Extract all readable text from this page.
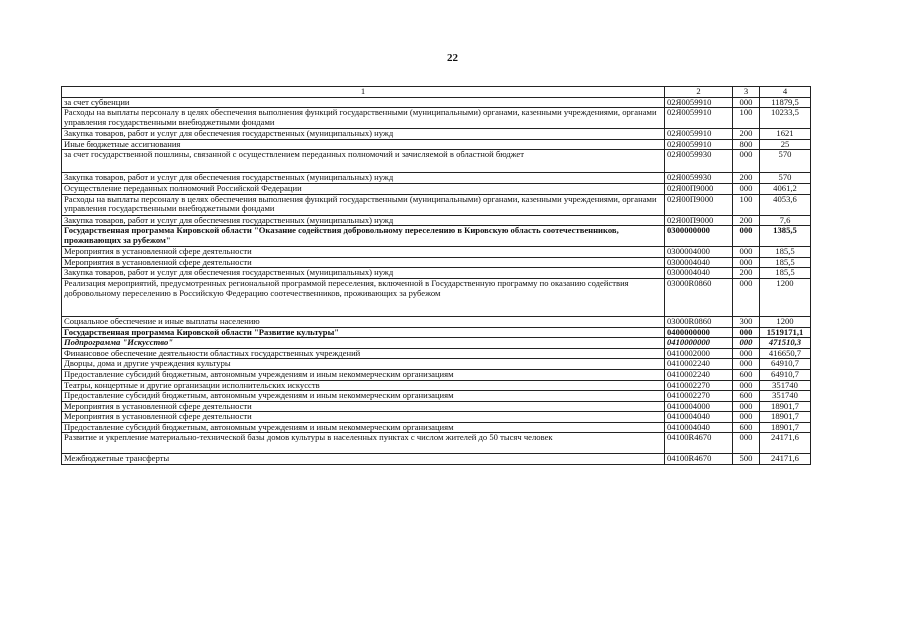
22
1	2	3	4
за счет субвенции	02Я0059910	000	11879,5
Расходы на выплаты персоналу в целях обеспечения выполнения функций государственными (муниципальными) органами, казенными учреждениями, органами управления государственными внебюджетными фондами	02Я0059910	100	10233,5
Закупка товаров, работ и услуг для обеспечения государственных (муниципальных) нужд	02Я0059910	200	1621
Иные бюджетные ассигнования	02Я0059910	800	25
за счет государственной пошлины, связанной с осуществлением переданных полномочий и зачисляемой в областной бюджет	02Я0059930	000	570
Закупка товаров, работ и услуг для обеспечения государственных (муниципальных) нужд	02Я0059930	200	570
Осуществление переданных полномочий Российской Федерации	02Я00П9000	000	4061,2
Расходы на выплаты персоналу в целях обеспечения выполнения функций государственными (муниципальными) органами, казенными учреждениями, органами управления государственными внебюджетными фондами	02Я00П9000	100	4053,6
Закупка товаров, работ и услуг для обеспечения государственных (муниципальных) нужд	02Я00П9000	200	7,6
Государственная программа Кировской области "Оказание содействия добровольному переселению в Кировскую область соотечественников, проживающих за рубежом"	0300000000	000	1385,5
Мероприятия в установленной сфере деятельности	0300004000	000	185,5
Мероприятия в установленной сфере деятельности	0300004040	000	185,5
Закупка товаров, работ и услуг для обеспечения государственных (муниципальных) нужд	0300004040	200	185,5
Реализация мероприятий, предусмотренных региональной программой переселения, включенной в Государственную программу по оказанию содействия добровольному переселению в Российскую Федерацию соотечественников, проживающих за рубежом	03000R0860	000	1200
Социальное обеспечение и иные выплаты населению	03000R0860	300	1200
Государственная программа Кировской области "Развитие культуры"	0400000000	000	1519171,1
Подпрограмма "Искусство"	0410000000	000	471510,3
Финансовое обеспечение деятельности областных государственных учреждений	0410002000	000	416650,7
Дворцы, дома и другие учреждения культуры	0410002240	000	64910,7
Предоставление субсидий бюджетным, автономным учреждениям и иным некоммерческим организациям	0410002240	600	64910,7
Театры, концертные и другие организации исполнительских искусств	0410002270	000	351740
Предоставление субсидий бюджетным, автономным учреждениям и иным некоммерческим организациям	0410002270	600	351740
Мероприятия в установленной сфере деятельности	0410004000	000	18901,7
Мероприятия в установленной сфере деятельности	0410004040	000	18901,7
Предоставление субсидий бюджетным, автономным учреждениям и иным некоммерческим организациям	0410004040	600	18901,7
Развитие и укрепление материально-технической базы домов культуры в населенных пунктах с числом жителей до 50 тысяч человек	04100R4670	000	24171,6
Межбюджетные трансферты	04100R4670	500	24171,6
